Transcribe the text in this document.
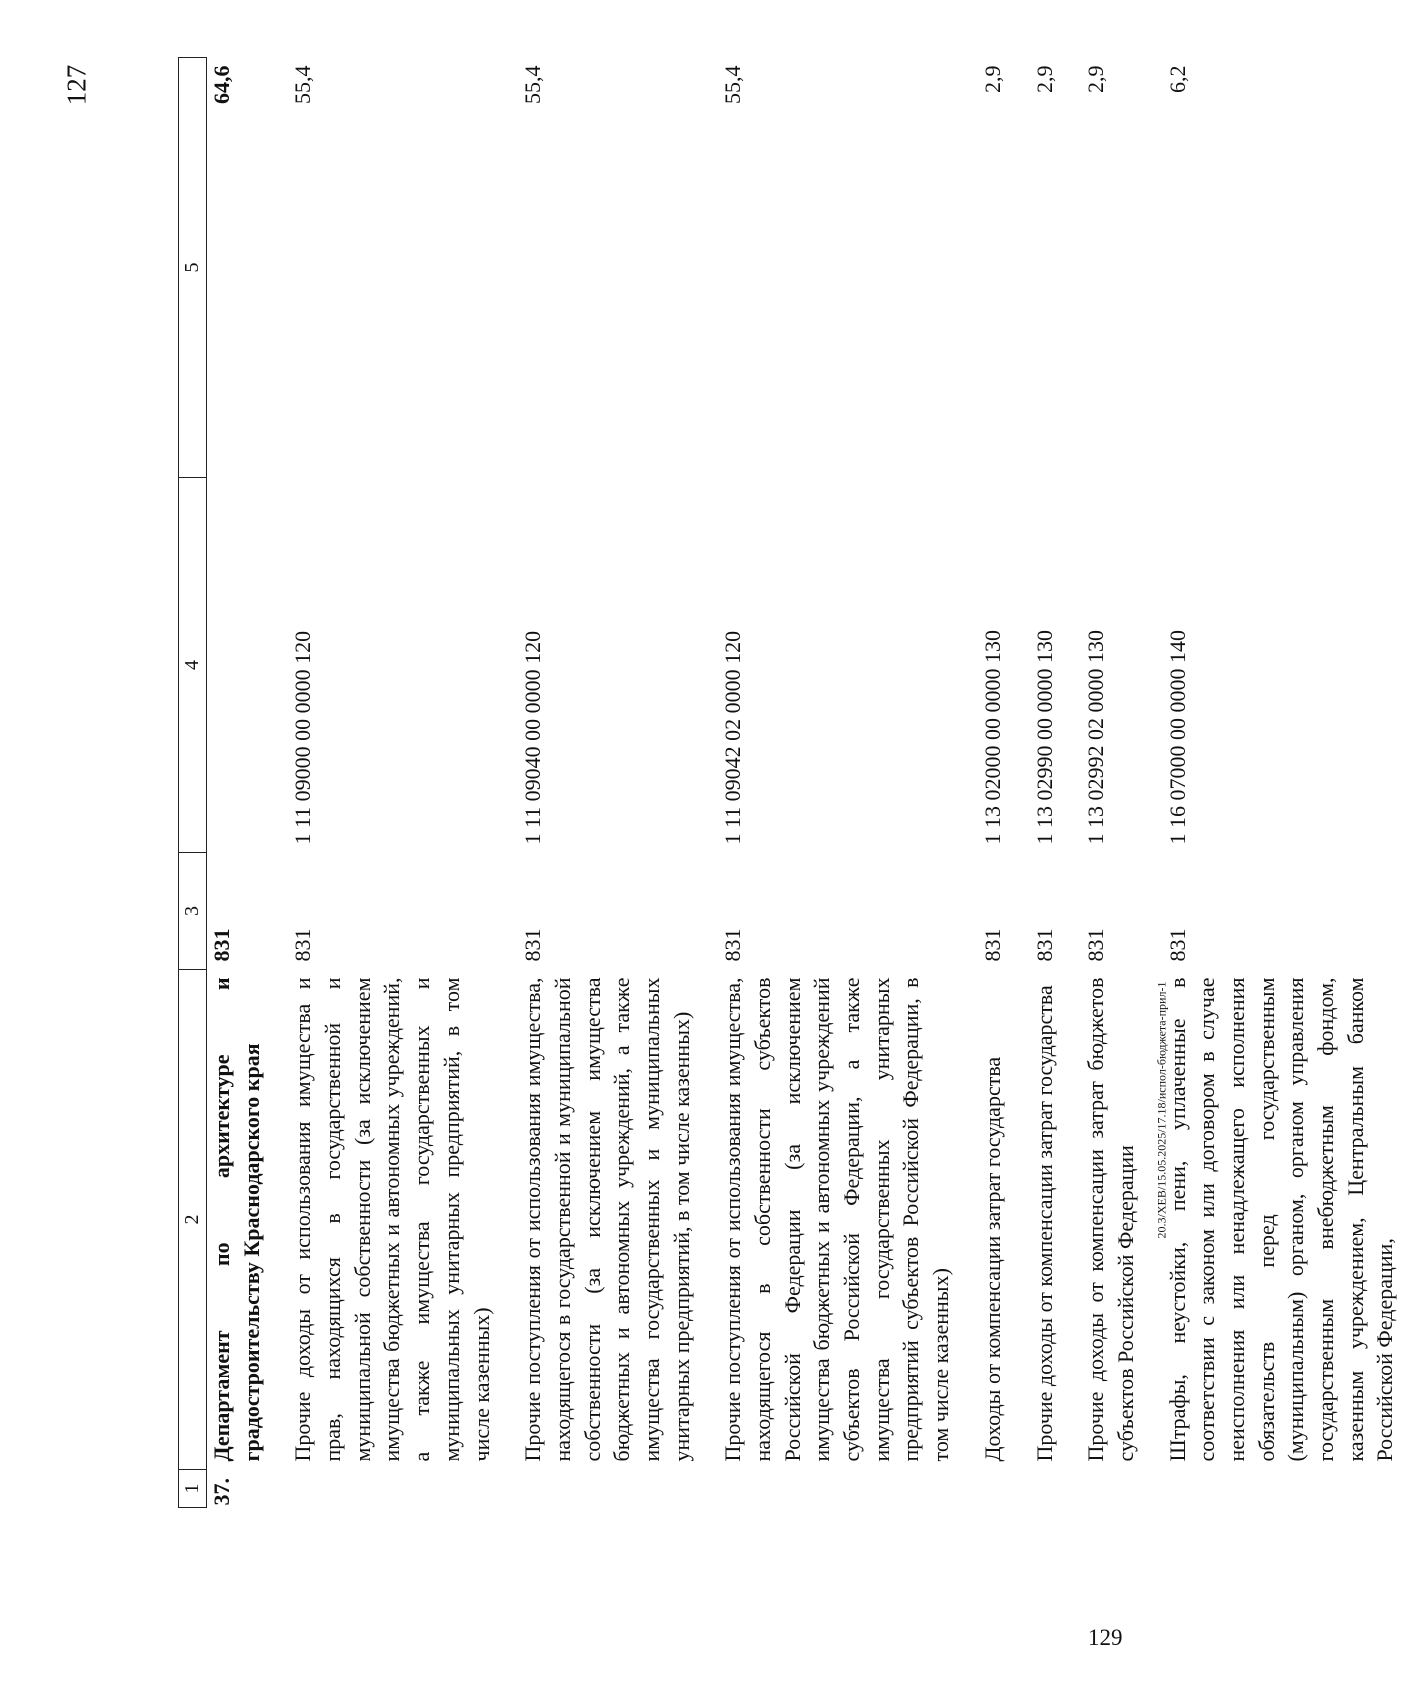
127
1	2	3	4	5
37.	Департамент по архитектуре и градостроительству Краснодарского края	831		64,6
	Прочие доходы от использования имущества и прав, находящихся в государственной и муниципальной собственности (за исключением имущества бюджетных и автономных учреждений, а также имущества государственных и муниципальных унитарных предприятий, в том числе казенных)	831	1 11 09000 00 0000 120	55,4
	Прочие поступления от использования имущества, находящегося в государственной и муниципальной собственности (за исключением имущества бюджетных и автономных учреждений, а также имущества государственных и муниципальных унитарных предприятий, в том числе казенных)	831	1 11 09040 00 0000 120	55,4
	Прочие поступления от использования имущества, находящегося в собственности субъектов Российской Федерации (за исключением имущества бюджетных и автономных учреждений субъектов Российской Федерации, а также имущества государственных унитарных предприятий субъектов Российской Федерации, в том числе казенных)	831	1 11 09042 02 0000 120	55,4
	Доходы от компенсации затрат государства	831	1 13 02000 00 0000 130	2,9
	Прочие доходы от компенсации затрат государства	831	1 13 02990 00 0000 130	2,9
	Прочие доходы от компенсации затрат бюджетов субъектов Российской Федерации	831	1 13 02992 02 0000 130	2,9
	Штрафы, неустойки, пени, уплаченные в соответствии с законом или договором в случае неисполнения или ненадлежащего исполнения обязательств перед государственным (муниципальным) органом, органом управления государственным внебюджетным фондом, казенным учреждением, Центральным банком Российской Федерации,	831	1 16 07000 00 0000 140	6,2
20.3/ХЕВ/15.05.2025/17.18/испол-бюджета-прил-1
129
